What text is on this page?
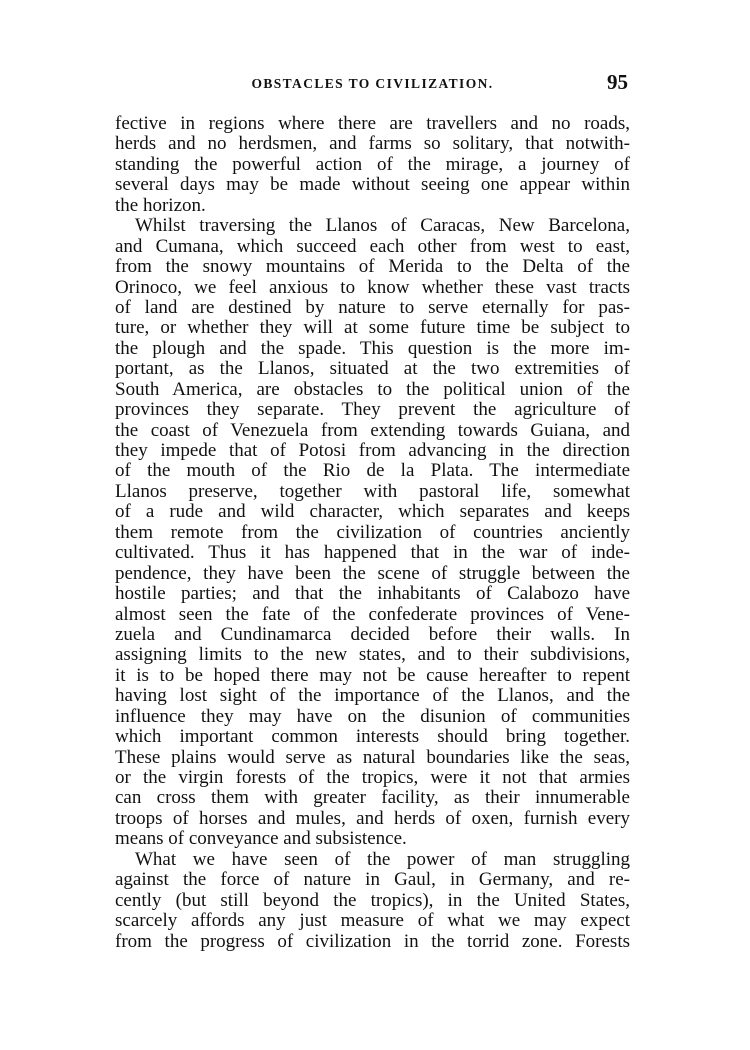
OBSTACLES TO CIVILIZATION.	95
fective in regions where there are travellers and no roads,
herds and no herdsmen, and farms so solitary, that notwith-
standing the powerful action of the mirage, a journey of
several days may be made without seeing one appear within
the horizon.
Whilst traversing the Llanos of Caracas, New Barcelona,
and Cumana, which succeed each other from west to east,
from the snowy mountains of Merida to the Delta of the
Orinoco, we feel anxious to know whether these vast tracts
of land are destined by nature to serve eternally for pas-
ture, or whether they will at some future time be subject to
the plough and the spade. This question is the more im-
portant, as the Llanos, situated at the two extremities of
South America, are obstacles to the political union of the
provinces they separate. They prevent the agriculture of
the coast of Venezuela from extending towards Guiana, and
they impede that of Potosi from advancing in the direction
of the mouth of the Rio de la Plata. The intermediate
Llanos preserve, together with pastoral life, somewhat
of a rude and wild character, which separates and keeps
them remote from the civilization of countries anciently
cultivated. Thus it has happened that in the war of inde-
pendence, they have been the scene of struggle between the
hostile parties; and that the inhabitants of Calabozo have
almost seen the fate of the confederate provinces of Vene-
zuela and Cundinamarca decided before their walls. In
assigning limits to the new states, and to their subdivisions,
it is to be hoped there may not be cause hereafter to repent
having lost sight of the importance of the Llanos, and the
influence they may have on the disunion of communities
which important common interests should bring together.
These plains would serve as natural boundaries like the seas,
or the virgin forests of the tropics, were it not that armies
can cross them with greater facility, as their innumerable
troops of horses and mules, and herds of oxen, furnish every
means of conveyance and subsistence.
What we have seen of the power of man struggling
against the force of nature in Gaul, in Germany, and re-
cently (but still beyond the tropics), in the United States,
scarcely affords any just measure of what we may expect
from the progress of civilization in the torrid zone. Forests
